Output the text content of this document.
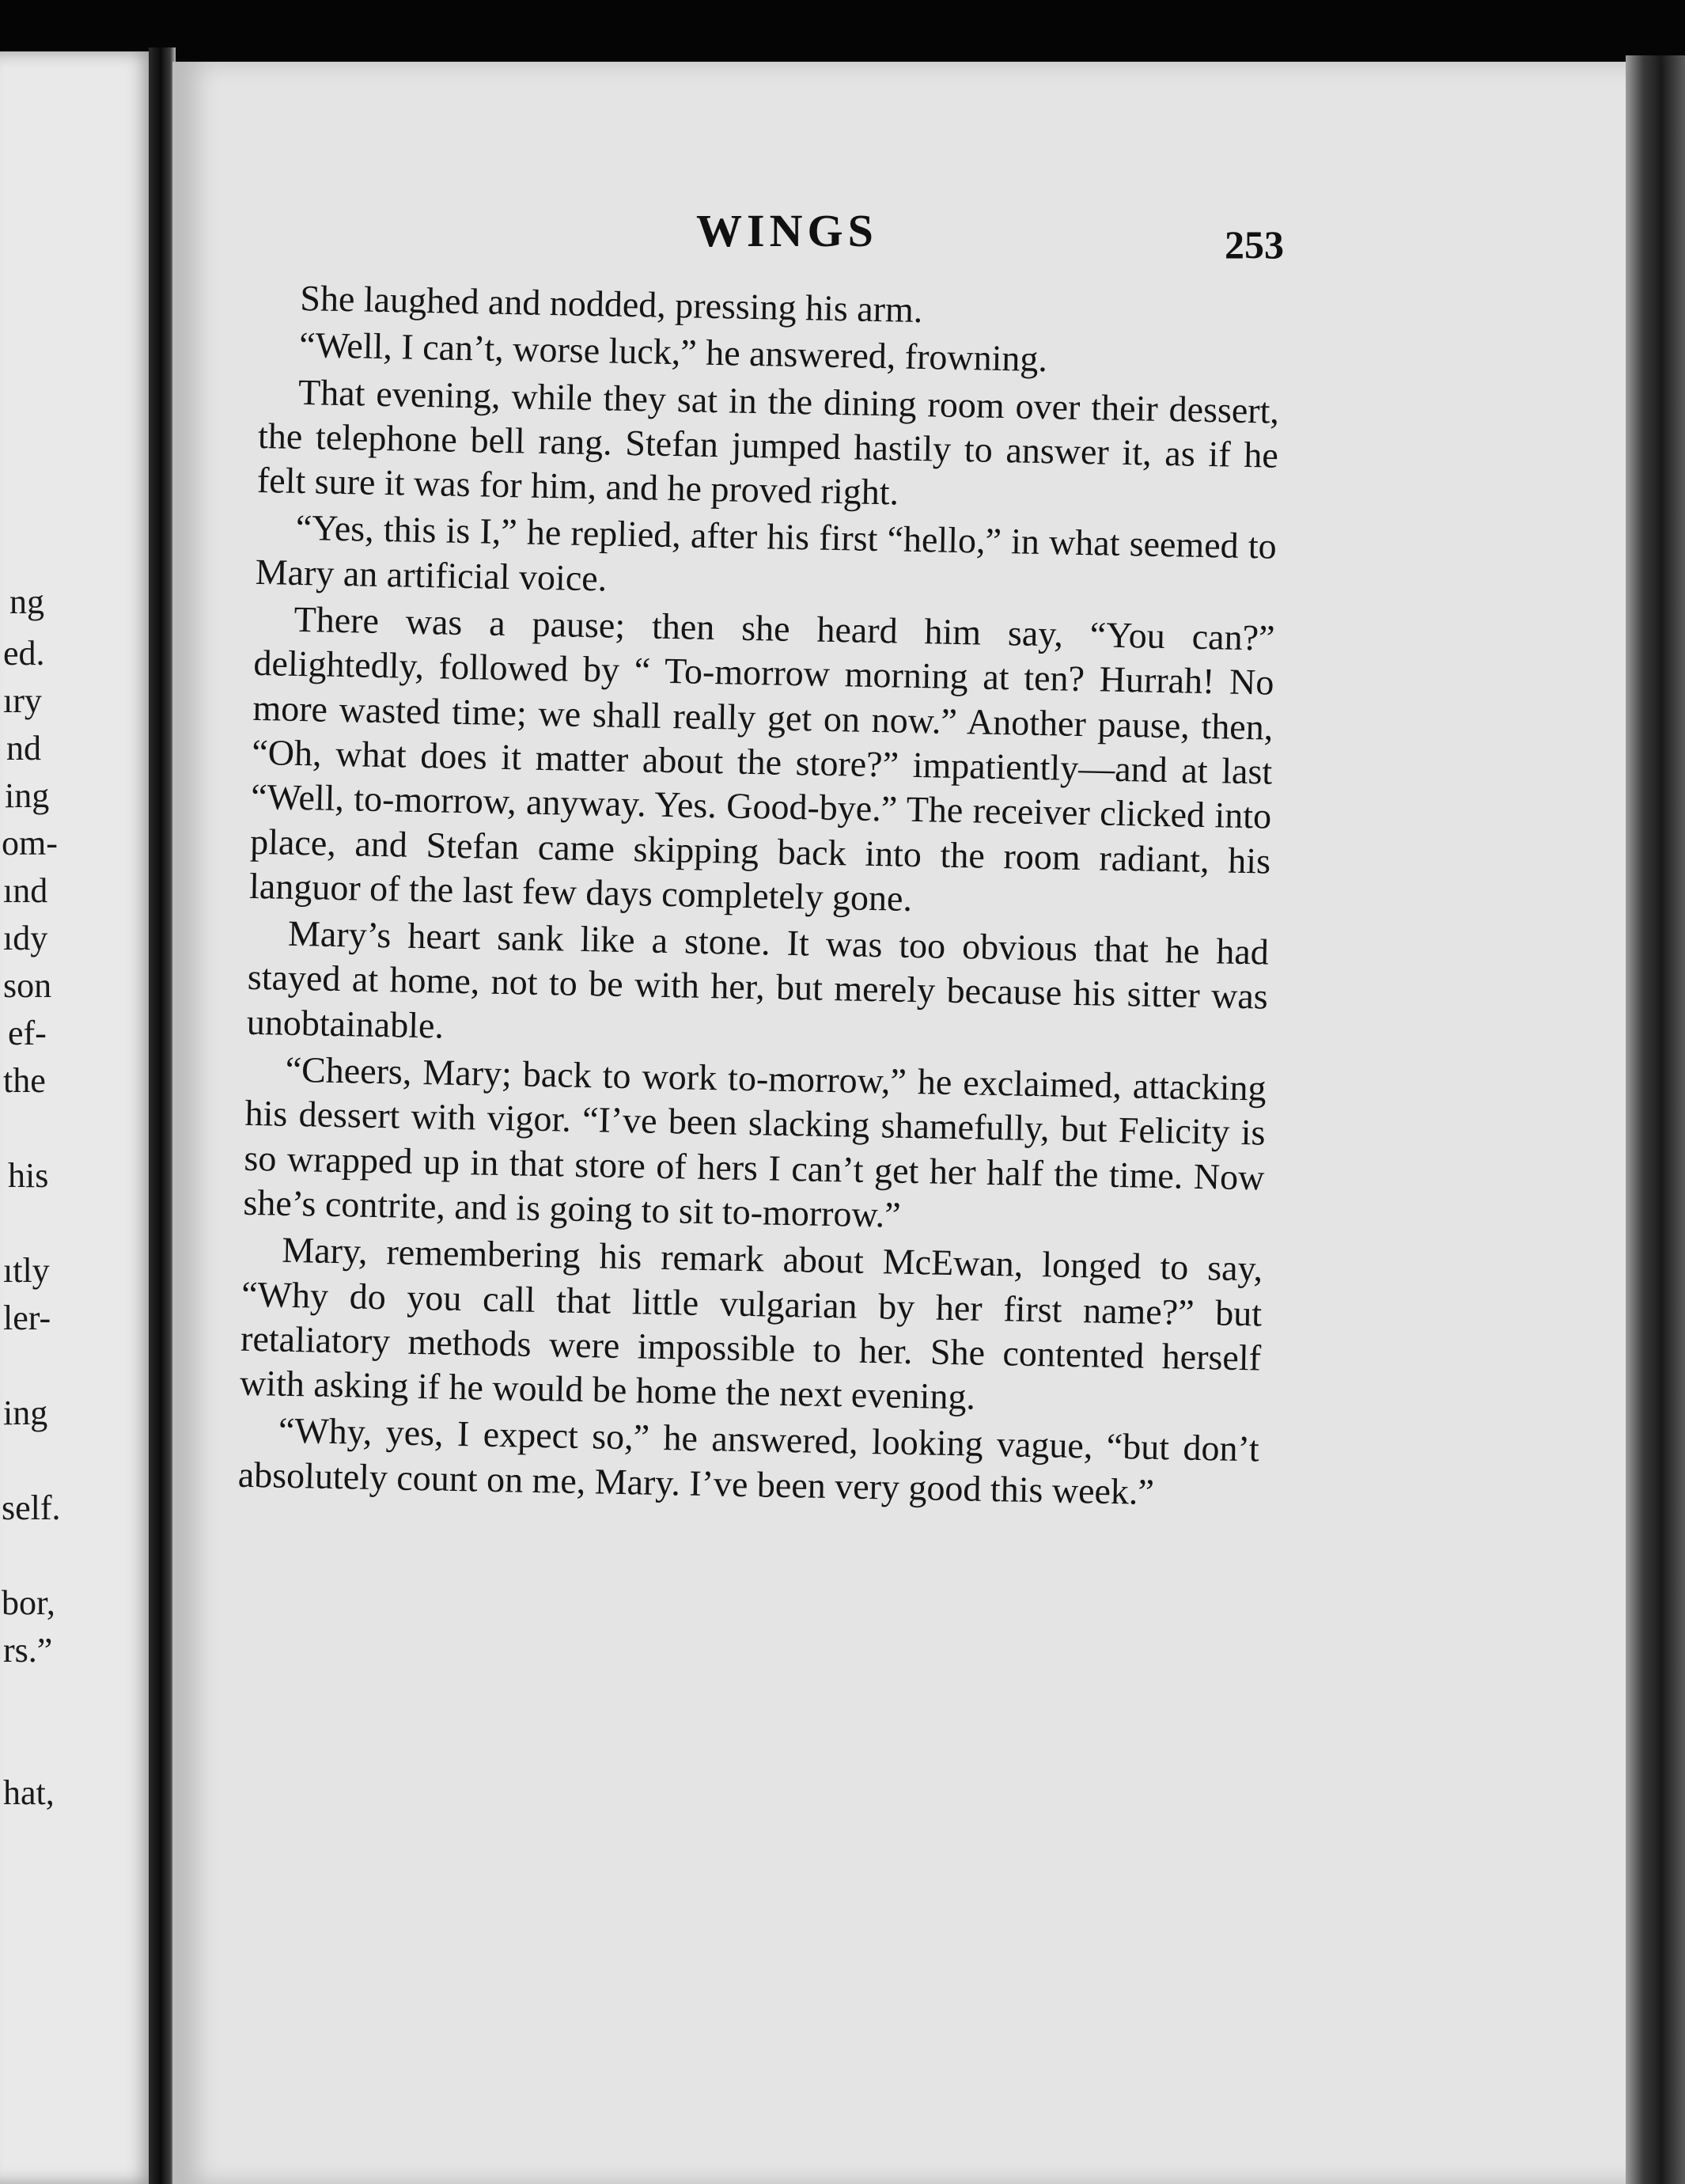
ng
ed.
ıry
nd
ing
om-
ınd
ıdy
son
ef-
the
his
ıtly
ler-
ing
self.
bor,
rs.”
hat,
WINGS	253

She laughed and nodded, pressing his arm.

“Well, I can’t, worse luck,” he answered, frowning.

That evening, while they sat in the dining room over their dessert, the telephone bell rang. Stefan jumped hastily to answer it, as if he felt sure it was for him, and he proved right.

“Yes, this is I,” he replied, after his first “hello,” in what seemed to Mary an artificial voice.

There was a pause; then she heard him say, “You can?” delightedly, followed by “ To-morrow morning at ten? Hurrah! No more wasted time; we shall really get on now.” Another pause, then, “Oh, what does it matter about the store?” impatiently—and at last “Well, to-morrow, anyway. Yes. Good-bye.” The receiver clicked into place, and Stefan came skipping back into the room radiant, his languor of the last few days completely gone.

Mary’s heart sank like a stone. It was too obvious that he had stayed at home, not to be with her, but merely because his sitter was unobtainable.

“Cheers, Mary; back to work to-morrow,” he exclaimed, attacking his dessert with vigor. “I’ve been slacking shamefully, but Felicity is so wrapped up in that store of hers I can’t get her half the time. Now she’s contrite, and is going to sit to-morrow.”

Mary, remembering his remark about McEwan, longed to say, “Why do you call that little vulgarian by her first name?” but retaliatory methods were impossible to her. She contented herself with asking if he would be home the next evening.

“Why, yes, I expect so,” he answered, looking vague, “but don’t absolutely count on me, Mary. I’ve been very good this week.”
